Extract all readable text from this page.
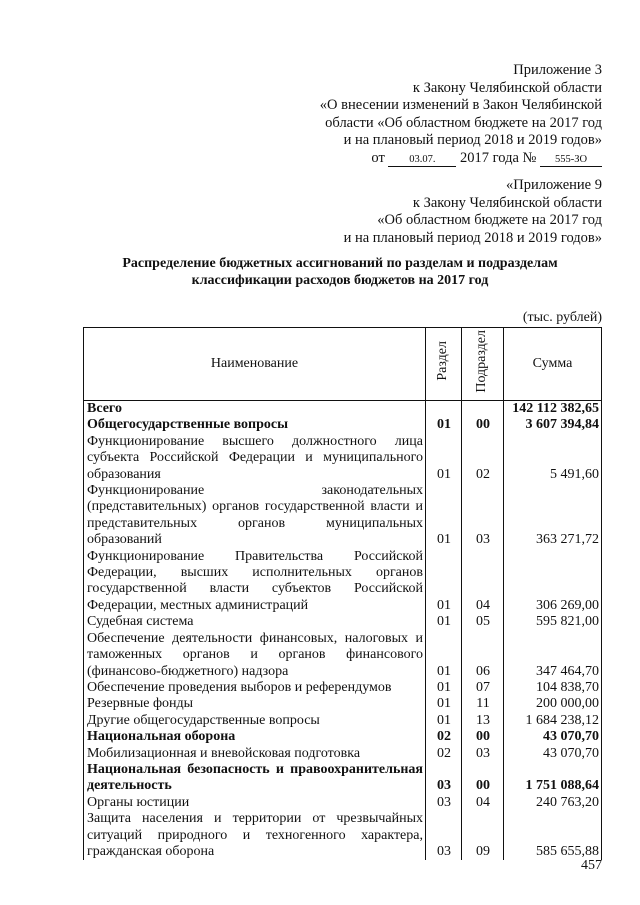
Приложение 3
к Закону Челябинской области
«О внесении изменений в Закон Челябинской
области «Об областном бюджете на 2017 год
и на плановый период 2018 и 2019 годов»
от 03.07. 2017 года № 555-ЗО
«Приложение 9
к Закону Челябинской области
«Об областном бюджете на 2017 год
и на плановый период 2018 и 2019 годов»
Распределение бюджетных ассигнований по разделам и подразделам
классификации расходов бюджетов на 2017 год
(тыс. рублей)
Наименование	Раздел	Подраздел	Сумма
Всего			142 112 382,65
Общегосударственные вопросы	01	00	3 607 394,84
Функционирование высшего должностного лица субъекта Российской Федерации и муниципального образования	01	02	5 491,60
Функционирование законодательных (представительных) органов государственной власти и представительных органов муниципальных образований	01	03	363 271,72
Функционирование Правительства Российской Федерации, высших исполнительных органов государственной власти субъектов Российской Федерации, местных администраций	01	04	306 269,00
Судебная система	01	05	595 821,00
Обеспечение деятельности финансовых, налоговых и таможенных органов и органов финансового (финансово-бюджетного) надзора	01	06	347 464,70
Обеспечение проведения выборов и референдумов	01	07	104 838,70
Резервные фонды	01	11	200 000,00
Другие общегосударственные вопросы	01	13	1 684 238,12
Национальная оборона	02	00	43 070,70
Мобилизационная и вневойсковая подготовка	02	03	43 070,70
Национальная безопасность и правоохранительная деятельность	03	00	1 751 088,64
Органы юстиции	03	04	240 763,20
Защита населения и территории от чрезвычайных ситуаций природного и техногенного характера, гражданская оборона	03	09	585 655,88
457
